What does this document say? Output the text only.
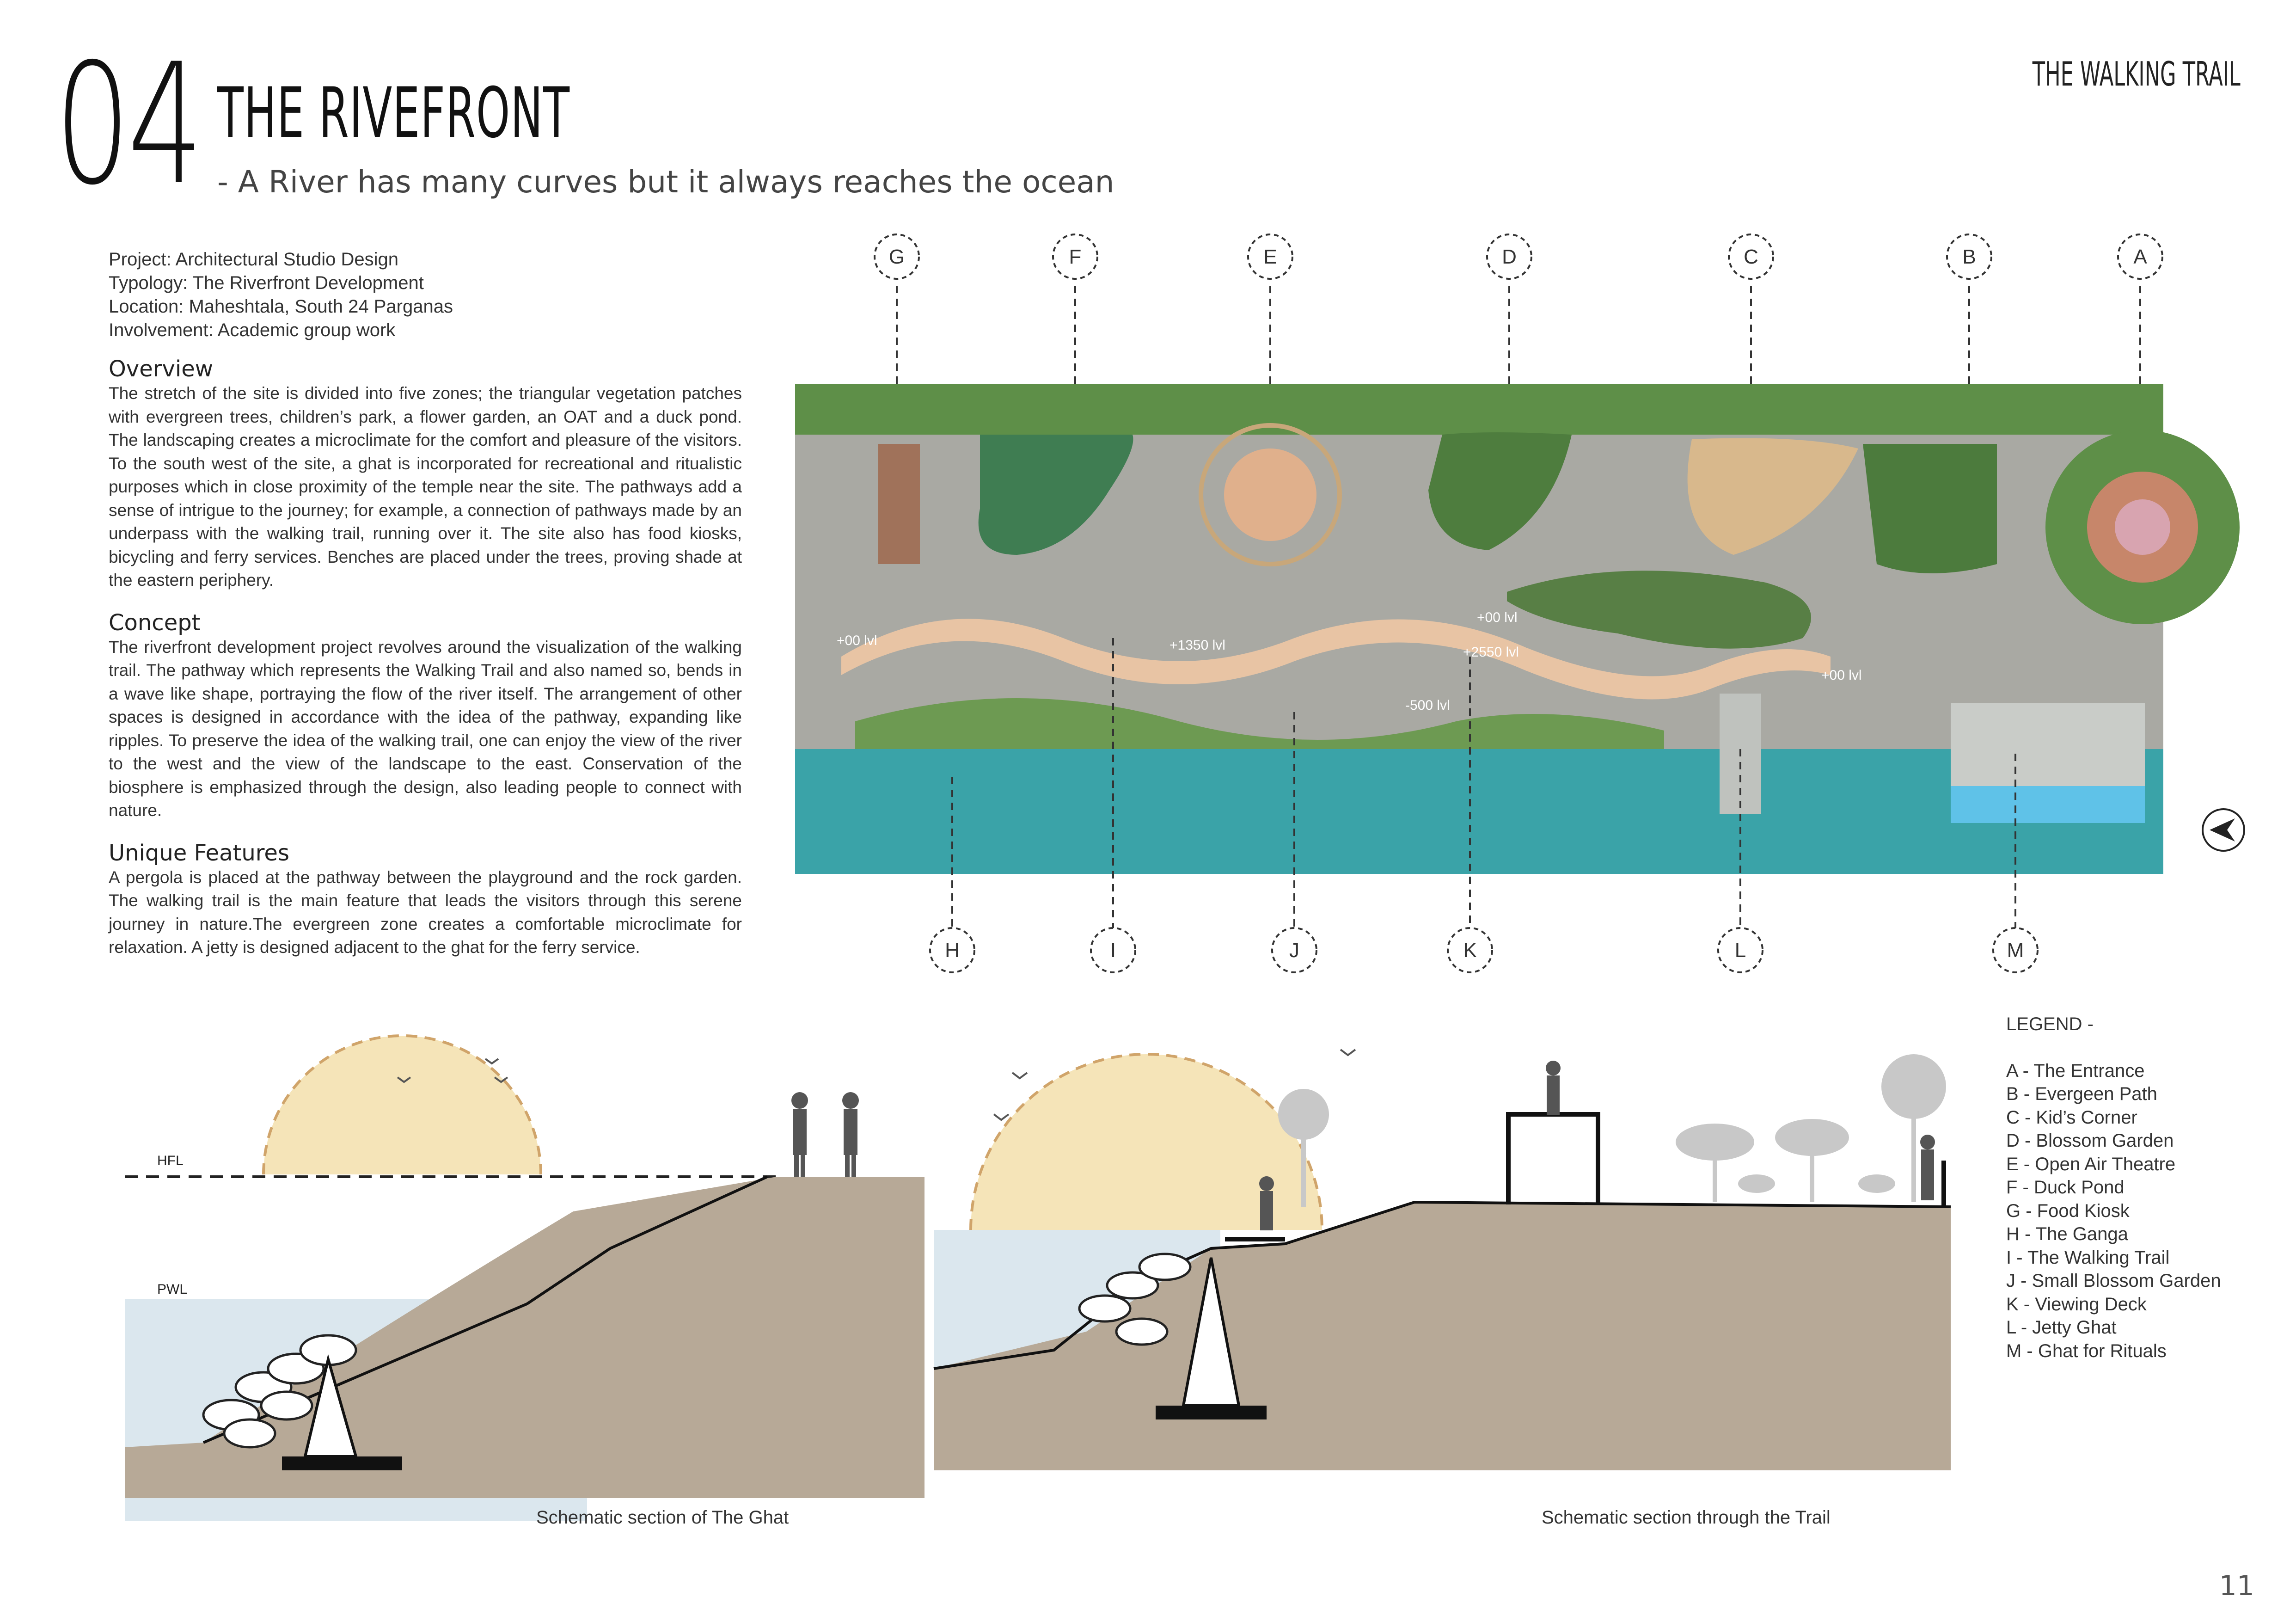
04 THE RIVEFRONT
- A River has many curves but it always reaches the ocean
THE WALKING TRAIL
Project: Architectural Studio Design
Typology: The Riverfront Development
Location: Maheshtala, South 24 Parganas
Involvement: Academic group work
Overview

The stretch of the site is divided into five zones; the triangular vegetation patches with evergreen trees, children’s park, a flower garden, an OAT and a duck pond. The landscaping creates a microclimate for the comfort and pleasure of the visitors. To the south west of the site, a ghat is incorporated for recreational and ritualistic purposes which in close proximity of the temple near the site. The pathways add a sense of intrigue to the journey; for example, a connection of pathways made by an underpass with the walking trail, running over it. The site also has food kiosks, bicycling and ferry services. Benches are placed under the trees, proving shade at the eastern periphery.

Concept

The riverfront development project revolves around the visualization of the walking trail. The pathway which represents the Walking Trail and also named so, bends in a wave like shape, portraying the flow of the river itself. The arrangement of other spaces is designed in accordance with the idea of the pathway, expanding like ripples. To preserve the idea of the walking trail, one can enjoy the view of the river to the west and the view of the landscape to the east. Conservation of the biosphere is emphasized through the design, also leading people to connect with nature.

Unique Features

A pergola is placed at the pathway between the playground and the rock garden. The walking trail is the main feature that leads the visitors through this serene journey in nature.The evergreen zone creates a comfortable microclimate for relaxation. A jetty is designed adjacent to the ghat for the ferry service.

+00 lvl	+1350 lvl
+00 lvl
+2550 lvl
-500 lvl
+00 lvl
G	F	E	D	C	B	A
H	I	J	K	L	M
HFL
PWL
Schematic section of The Ghat	Schematic section through the Trail
LEGEND -
A - The Entrance
B - Evergeen Path
C - Kid’s Corner
D - Blossom Garden
E - Open Air Theatre
F - Duck Pond
G - Food Kiosk
H - The Ganga
I - The Walking Trail
J - Small Blossom Garden
K - Viewing Deck
L - Jetty Ghat
M - Ghat for Rituals
11
